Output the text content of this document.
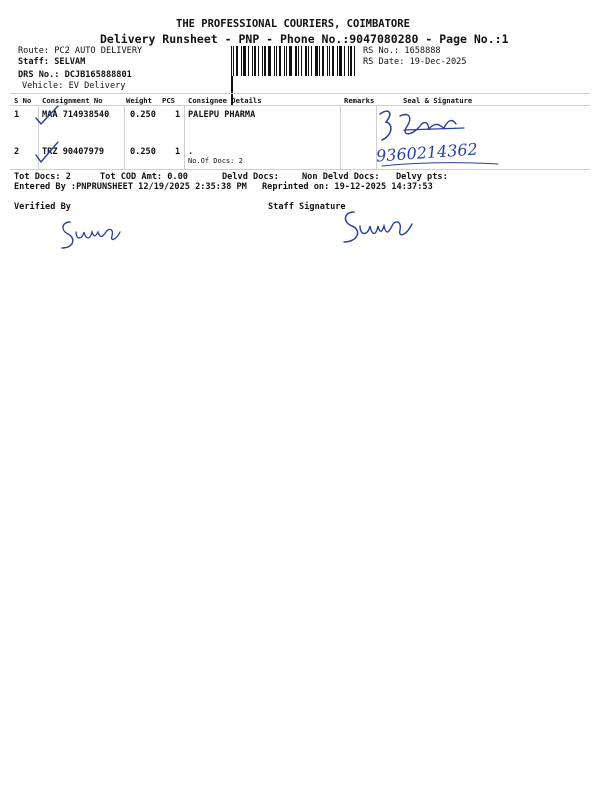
THE PROFESSIONAL COURIERS, COIMBATORE
Delivery Runsheet - PNP - Phone No.:9047080280 - Page No.:1
Route: PC2 AUTO DELIVERY
Staff: SELVAM
DRS No.: DCJB165888801
Vehicle: EV Delivery
RS No.: 1658888
RS Date: 19-Dec-2025
S No Consignment No	Weight PCS Consignee Details	Remarks	Seal & Signature
1	MAA 714938540 0.250 1 PALEPU PHARMA
2	TRZ 90407979	0.250 1 .
No.Of Docs: 2	9360214362
Tot Docs: 2	Tot COD Amt: 0.00	Delvd Docs:	Non Delvd Docs: Delvy pts:
Entered By :PNPRUNSHEET 12/19/2025 2:35:38 PM Reprinted on: 19-12-2025 14:37:53
Verified By	Staff Signature
